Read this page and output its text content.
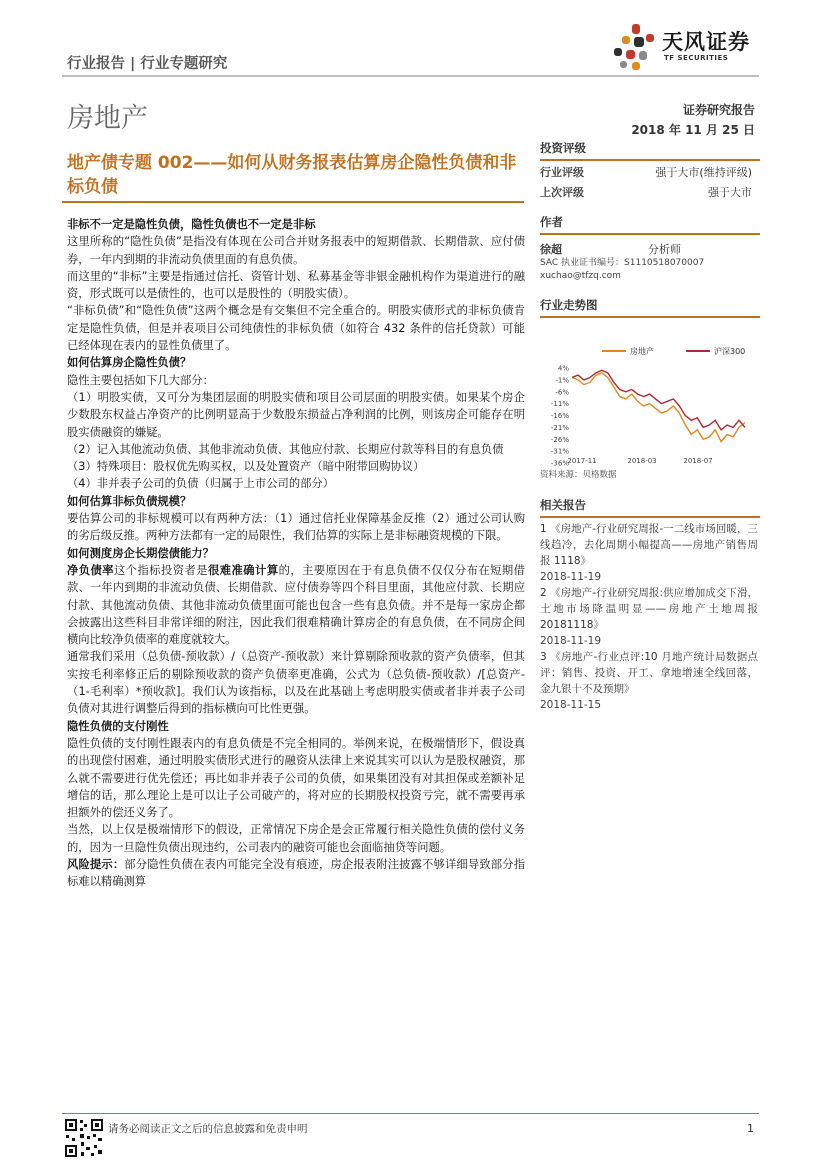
天风证券
TF SECURITIES
行业报告 | 行业专题研究
房地产	证券研究报告
2018 年 11 月 25 日
地产债专题 002——如何从财务报表估算房企隐性负债和非标负债

非标不一定是隐性负债，隐性负债也不一定是非标

这里所称的“隐性负债”是指没有体现在公司合并财务报表中的短期借款、长期借款、应付债券，一年内到期的非流动负债里面的有息负债。

而这里的“非标”主要是指通过信托、资管计划、私募基金等非银金融机构作为渠道进行的融资，形式既可以是债性的，也可以是股性的（明股实债）。

“非标负债”和“隐性负债”这两个概念是有交集但不完全重合的。明股实债形式的非标负债肯定是隐性负债，但是并表项目公司纯债性的非标负债（如符合 432 条件的信托贷款）可能已经体现在表内的显性负债里了。

如何估算房企隐性负债？

隐性主要包括如下几大部分：

（1）明股实债，又可分为集团层面的明股实债和项目公司层面的明股实债。如果某个房企少数股东权益占净资产的比例明显高于少数股东损益占净利润的比例，则该房企可能存在明股实债融资的嫌疑。

（2）记入其他流动负债、其他非流动负债、其他应付款、长期应付款等科目的有息负债

（3）特殊项目：股权优先购买权，以及处置资产（暗中附带回购协议）

（4）非并表子公司的负债（归属于上市公司的部分）

如何估算非标负债规模？

要估算公司的非标规模可以有两种方法：（1）通过信托业保障基金反推（2）通过公司认购的劣后级反推。两种方法都有一定的局限性，我们估算的实际上是非标融资规模的下限。

如何测度房企长期偿债能力？

净负债率这个指标投资者是很难准确计算的，主要原因在于有息负债不仅仅分布在短期借款、一年内到期的非流动负债、长期借款、应付债券等四个科目里面，其他应付款、长期应付款、其他流动负债、其他非流动负债里面可能也包含一些有息负债。并不是每一家房企都会披露出这些科目非常详细的附注，因此我们很难精确计算房企的有息负债，在不同房企间横向比较净负债率的难度就较大。

通常我们采用（总负债-预收款）/（总资产-预收款）来计算剔除预收款的资产负债率，但其实按毛利率修正后的剔除预收款的资产负债率更准确，公式为（总负债-预收款）/[总资产-（1-毛利率）*预收款]。我们认为该指标，以及在此基础上考虑明股实债或者非并表子公司负债对其进行调整后得到的指标横向可比性更强。

隐性负债的支付刚性

隐性负债的支付刚性跟表内的有息负债是不完全相同的。举例来说，在极端情形下，假设真的出现偿付困难，通过明股实债形式进行的融资从法律上来说其实可以认为是股权融资，那么就不需要进行优先偿还；再比如非并表子公司的负债，如果集团没有对其担保或差额补足增信的话，那么理论上是可以让子公司破产的，将对应的长期股权投资亏完，就不需要再承担额外的偿还义务了。

当然，以上仅是极端情形下的假设，正常情况下房企是会正常履行相关隐性负债的偿付义务的，因为一旦隐性负债出现违约，公司表内的融资可能也会面临抽贷等问题。

风险提示：部分隐性负债在表内可能完全没有痕迹，房企报表附注披露不够详细导致部分指标难以精确测算

投资评级
行业评级	强于大市(维持评级)
上次评级	强于大市
作者
徐超	分析师
SAC 执业证书编号：S1110518070007
xuchao@tfzq.com
行业走势图
房地产	沪深300
4%
-1%
-6%
-11%
-16%
-21%
-26%
-31%
-36%
2017-11	2018-03	2018-07
资料来源：贝格数据
相关报告
1 《房地产-行业研究周报-一二线市场回暖，三线趋冷，去化周期小幅提高——房地产销售周报 1118》
2018-11-19
2 《房地产-行业研究周报:供应增加成交下滑，土地市场降温明显——房地产土地周报 20181118》
2018-11-19
3 《房地产-行业点评:10 月地产统计局数据点评：销售、投资、开工、拿地增速全线回落，金九银十不及预期》
2018-11-15
请务必阅读正文之后的信息披露和免责申明	1
